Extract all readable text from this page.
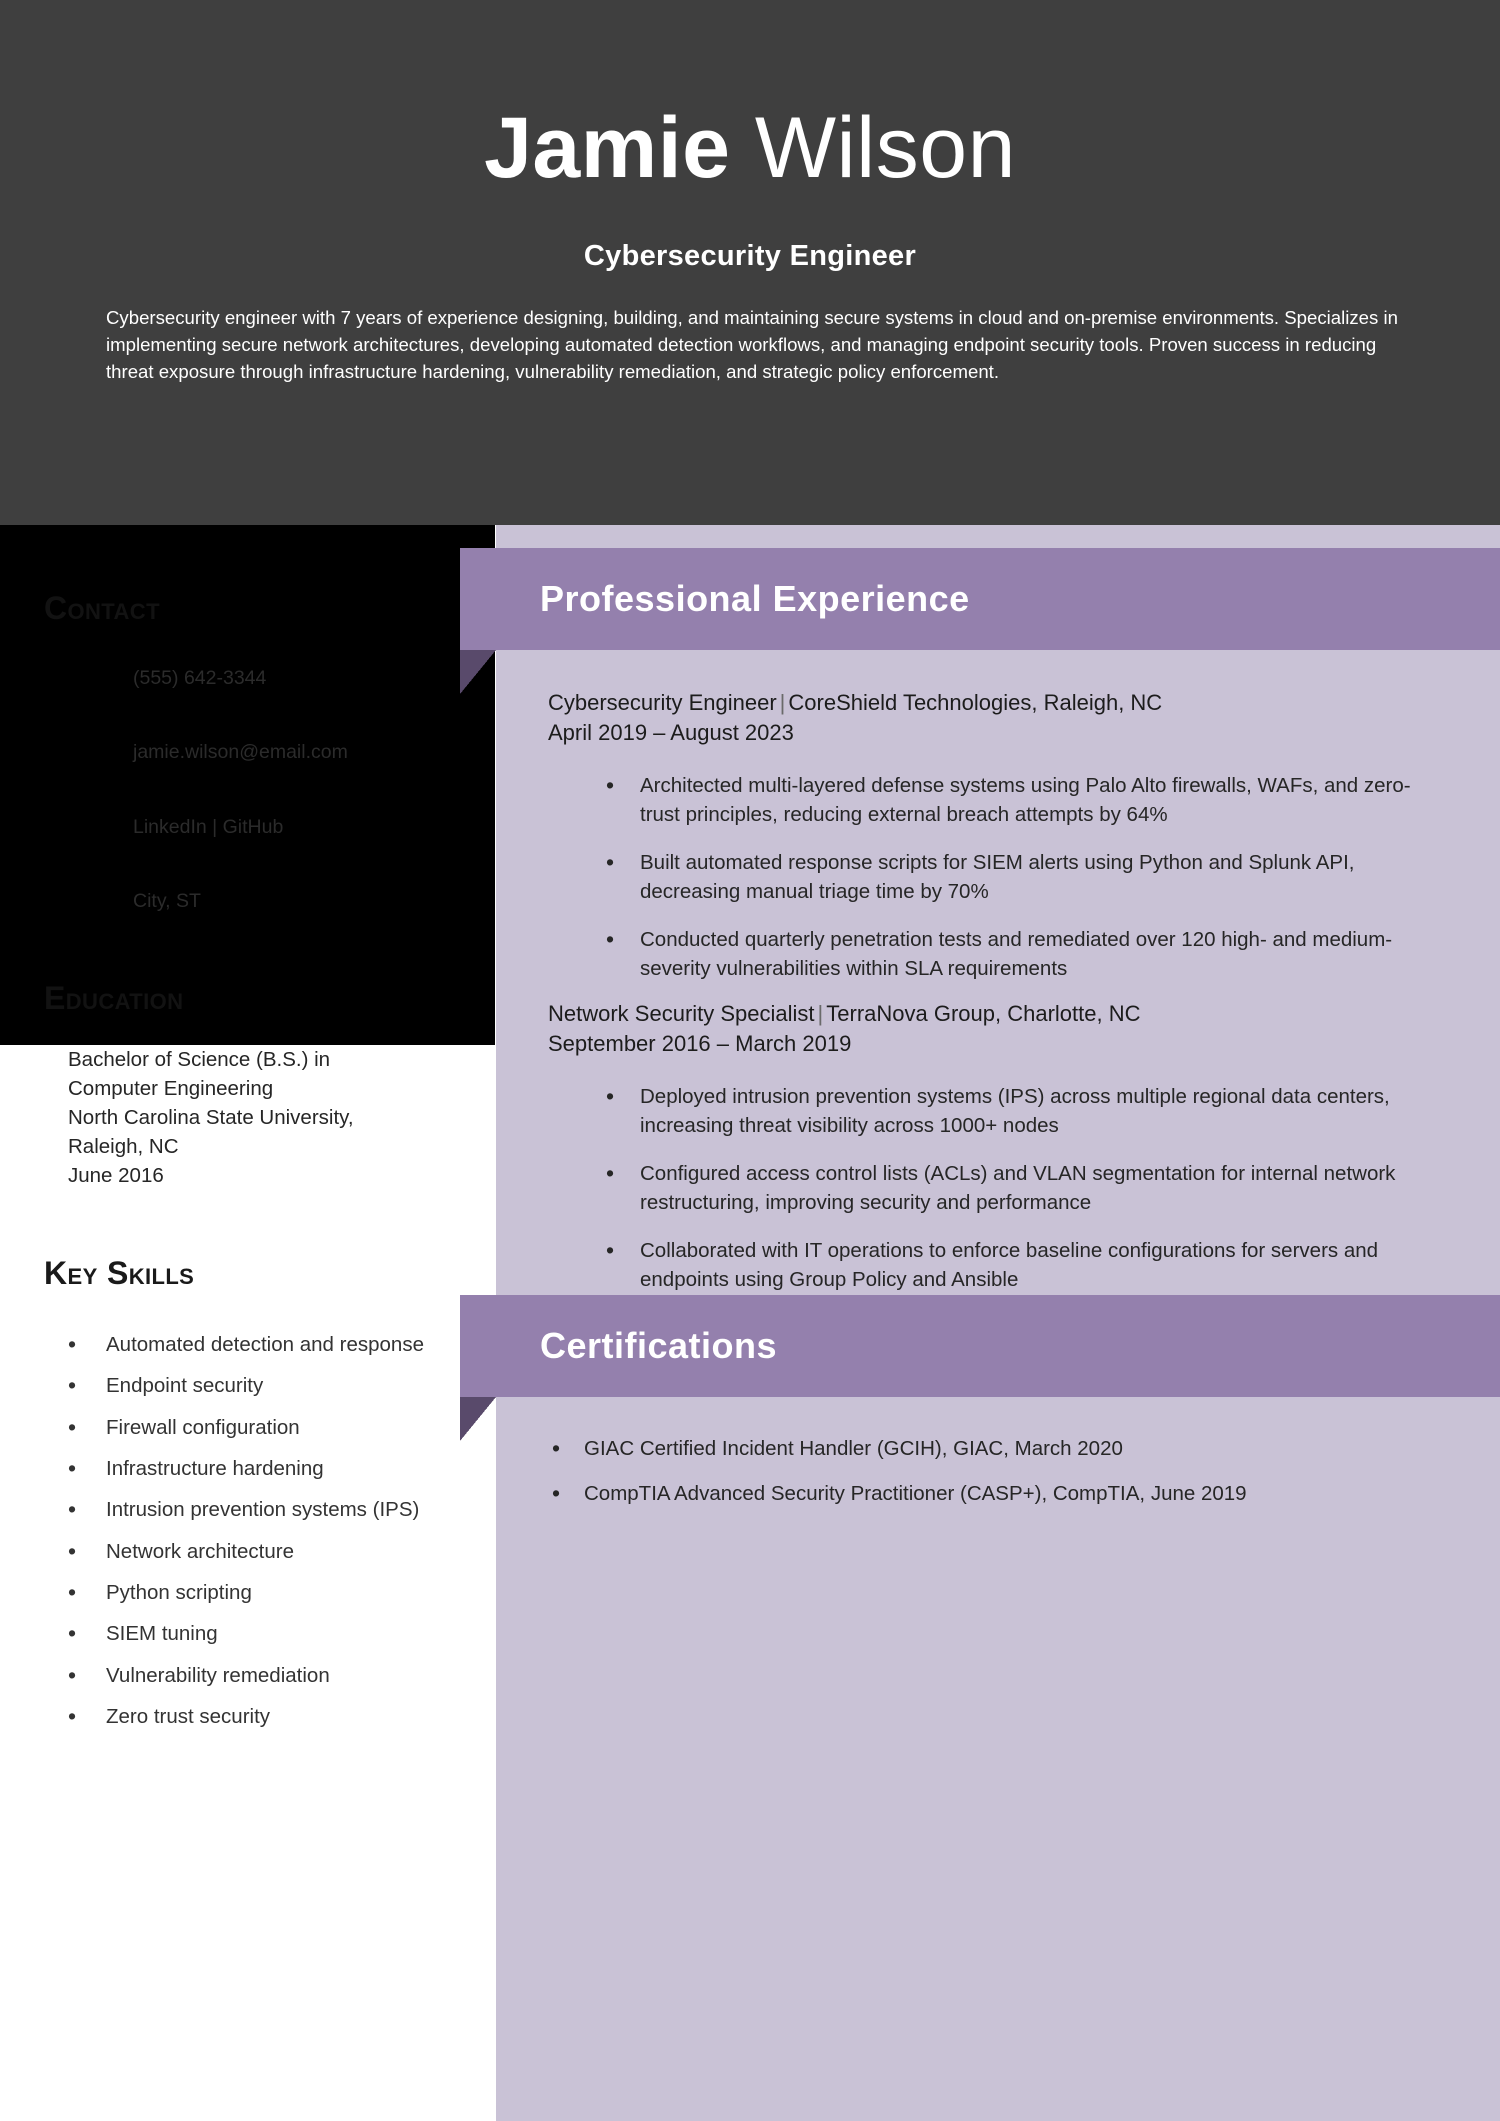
Jamie Wilson
Cybersecurity Engineer
Cybersecurity engineer with 7 years of experience designing, building, and maintaining secure systems in cloud and on-premise environments. Specializes in implementing secure network architectures, developing automated detection workflows, and managing endpoint security tools. Proven success in reducing threat exposure through infrastructure hardening, vulnerability remediation, and strategic policy enforcement.
Contact
(555) 642-3344
jamie.wilson@email.com
LinkedIn | GitHub
City, ST
Education
Bachelor of Science (B.S.) in
Computer Engineering
North Carolina State University,
Raleigh, NC
June 2016
Key Skills
• Automated detection and response
• Endpoint security
• Firewall configuration
• Infrastructure hardening
• Intrusion prevention systems (IPS)
• Network architecture
• Python scripting
• SIEM tuning
• Vulnerability remediation
• Zero trust security
Professional Experience
Cybersecurity Engineer | CoreShield Technologies, Raleigh, NC
April 2019 – August 2023
• Architected multi-layered defense systems using Palo Alto firewalls, WAFs, and zero-trust principles, reducing external breach attempts by 64%
• Built automated response scripts for SIEM alerts using Python and Splunk API, decreasing manual triage time by 70%
• Conducted quarterly penetration tests and remediated over 120 high- and medium-severity vulnerabilities within SLA requirements
Network Security Specialist | TerraNova Group, Charlotte, NC
September 2016 – March 2019
• Deployed intrusion prevention systems (IPS) across multiple regional data centers, increasing threat visibility across 1000+ nodes
• Configured access control lists (ACLs) and VLAN segmentation for internal network restructuring, improving security and performance
• Collaborated with IT operations to enforce baseline configurations for servers and endpoints using Group Policy and Ansible
Certifications
• GIAC Certified Incident Handler (GCIH), GIAC, March 2020
• CompTIA Advanced Security Practitioner (CASP+), CompTIA, June 2019
